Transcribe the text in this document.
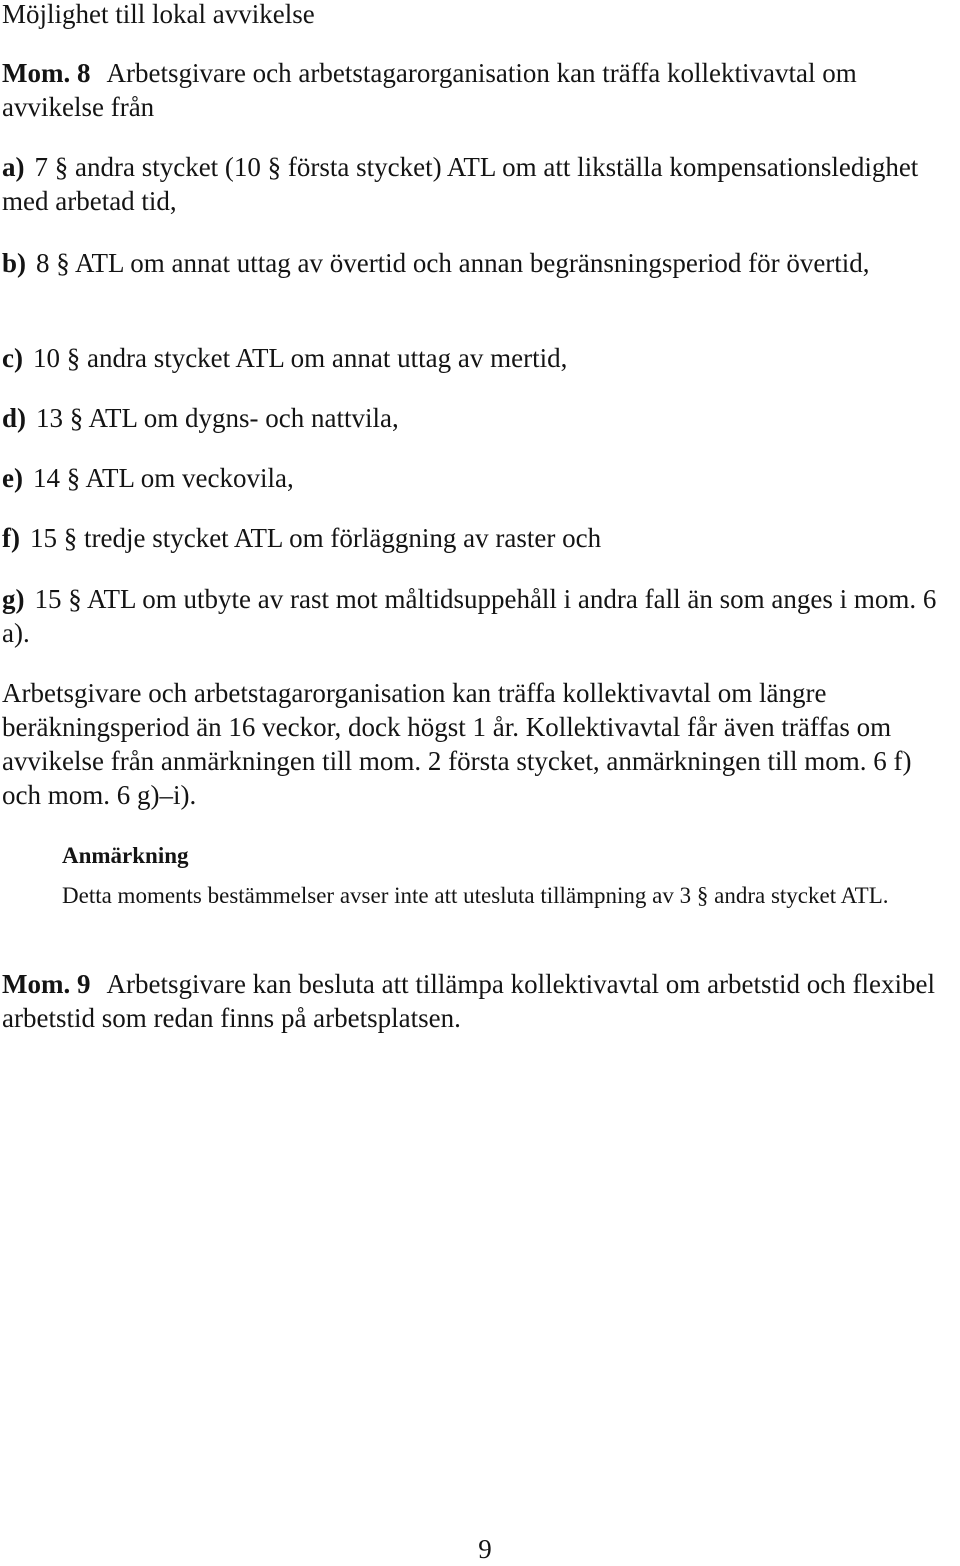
Möjlighet till lokal avvikelse

Mom. 8 Arbetsgivare och arbetstagarorganisation kan träffa kollektivavtal om avvikelse från

a) 7 § andra stycket (10 § första stycket) ATL om att likställa kompensationsledighet med arbetad tid,

b) 8 § ATL om annat uttag av övertid och annan begränsningsperiod för övertid,

c) 10 § andra stycket ATL om annat uttag av mertid,

d) 13 § ATL om dygns- och nattvila,

e) 14 § ATL om veckovila,

f) 15 § tredje stycket ATL om förläggning av raster och

g) 15 § ATL om utbyte av rast mot måltidsuppehåll i andra fall än som anges i mom. 6 a).

Arbetsgivare och arbetstagarorganisation kan träffa kollektivavtal om längre beräkningsperiod än 16 veckor, dock högst 1 år. Kollektivavtal får även träffas om avvikelse från anmärkningen till mom. 2 första stycket, anmärkningen till mom. 6 f) och mom. 6 g)–i).

Anmärkning

Detta moments bestämmelser avser inte att utesluta tillämpning av 3 § andra stycket ATL.

Mom. 9 Arbetsgivare kan besluta att tillämpa kollektivavtal om arbetstid och flexibel arbetstid som redan finns på arbetsplatsen.

9
